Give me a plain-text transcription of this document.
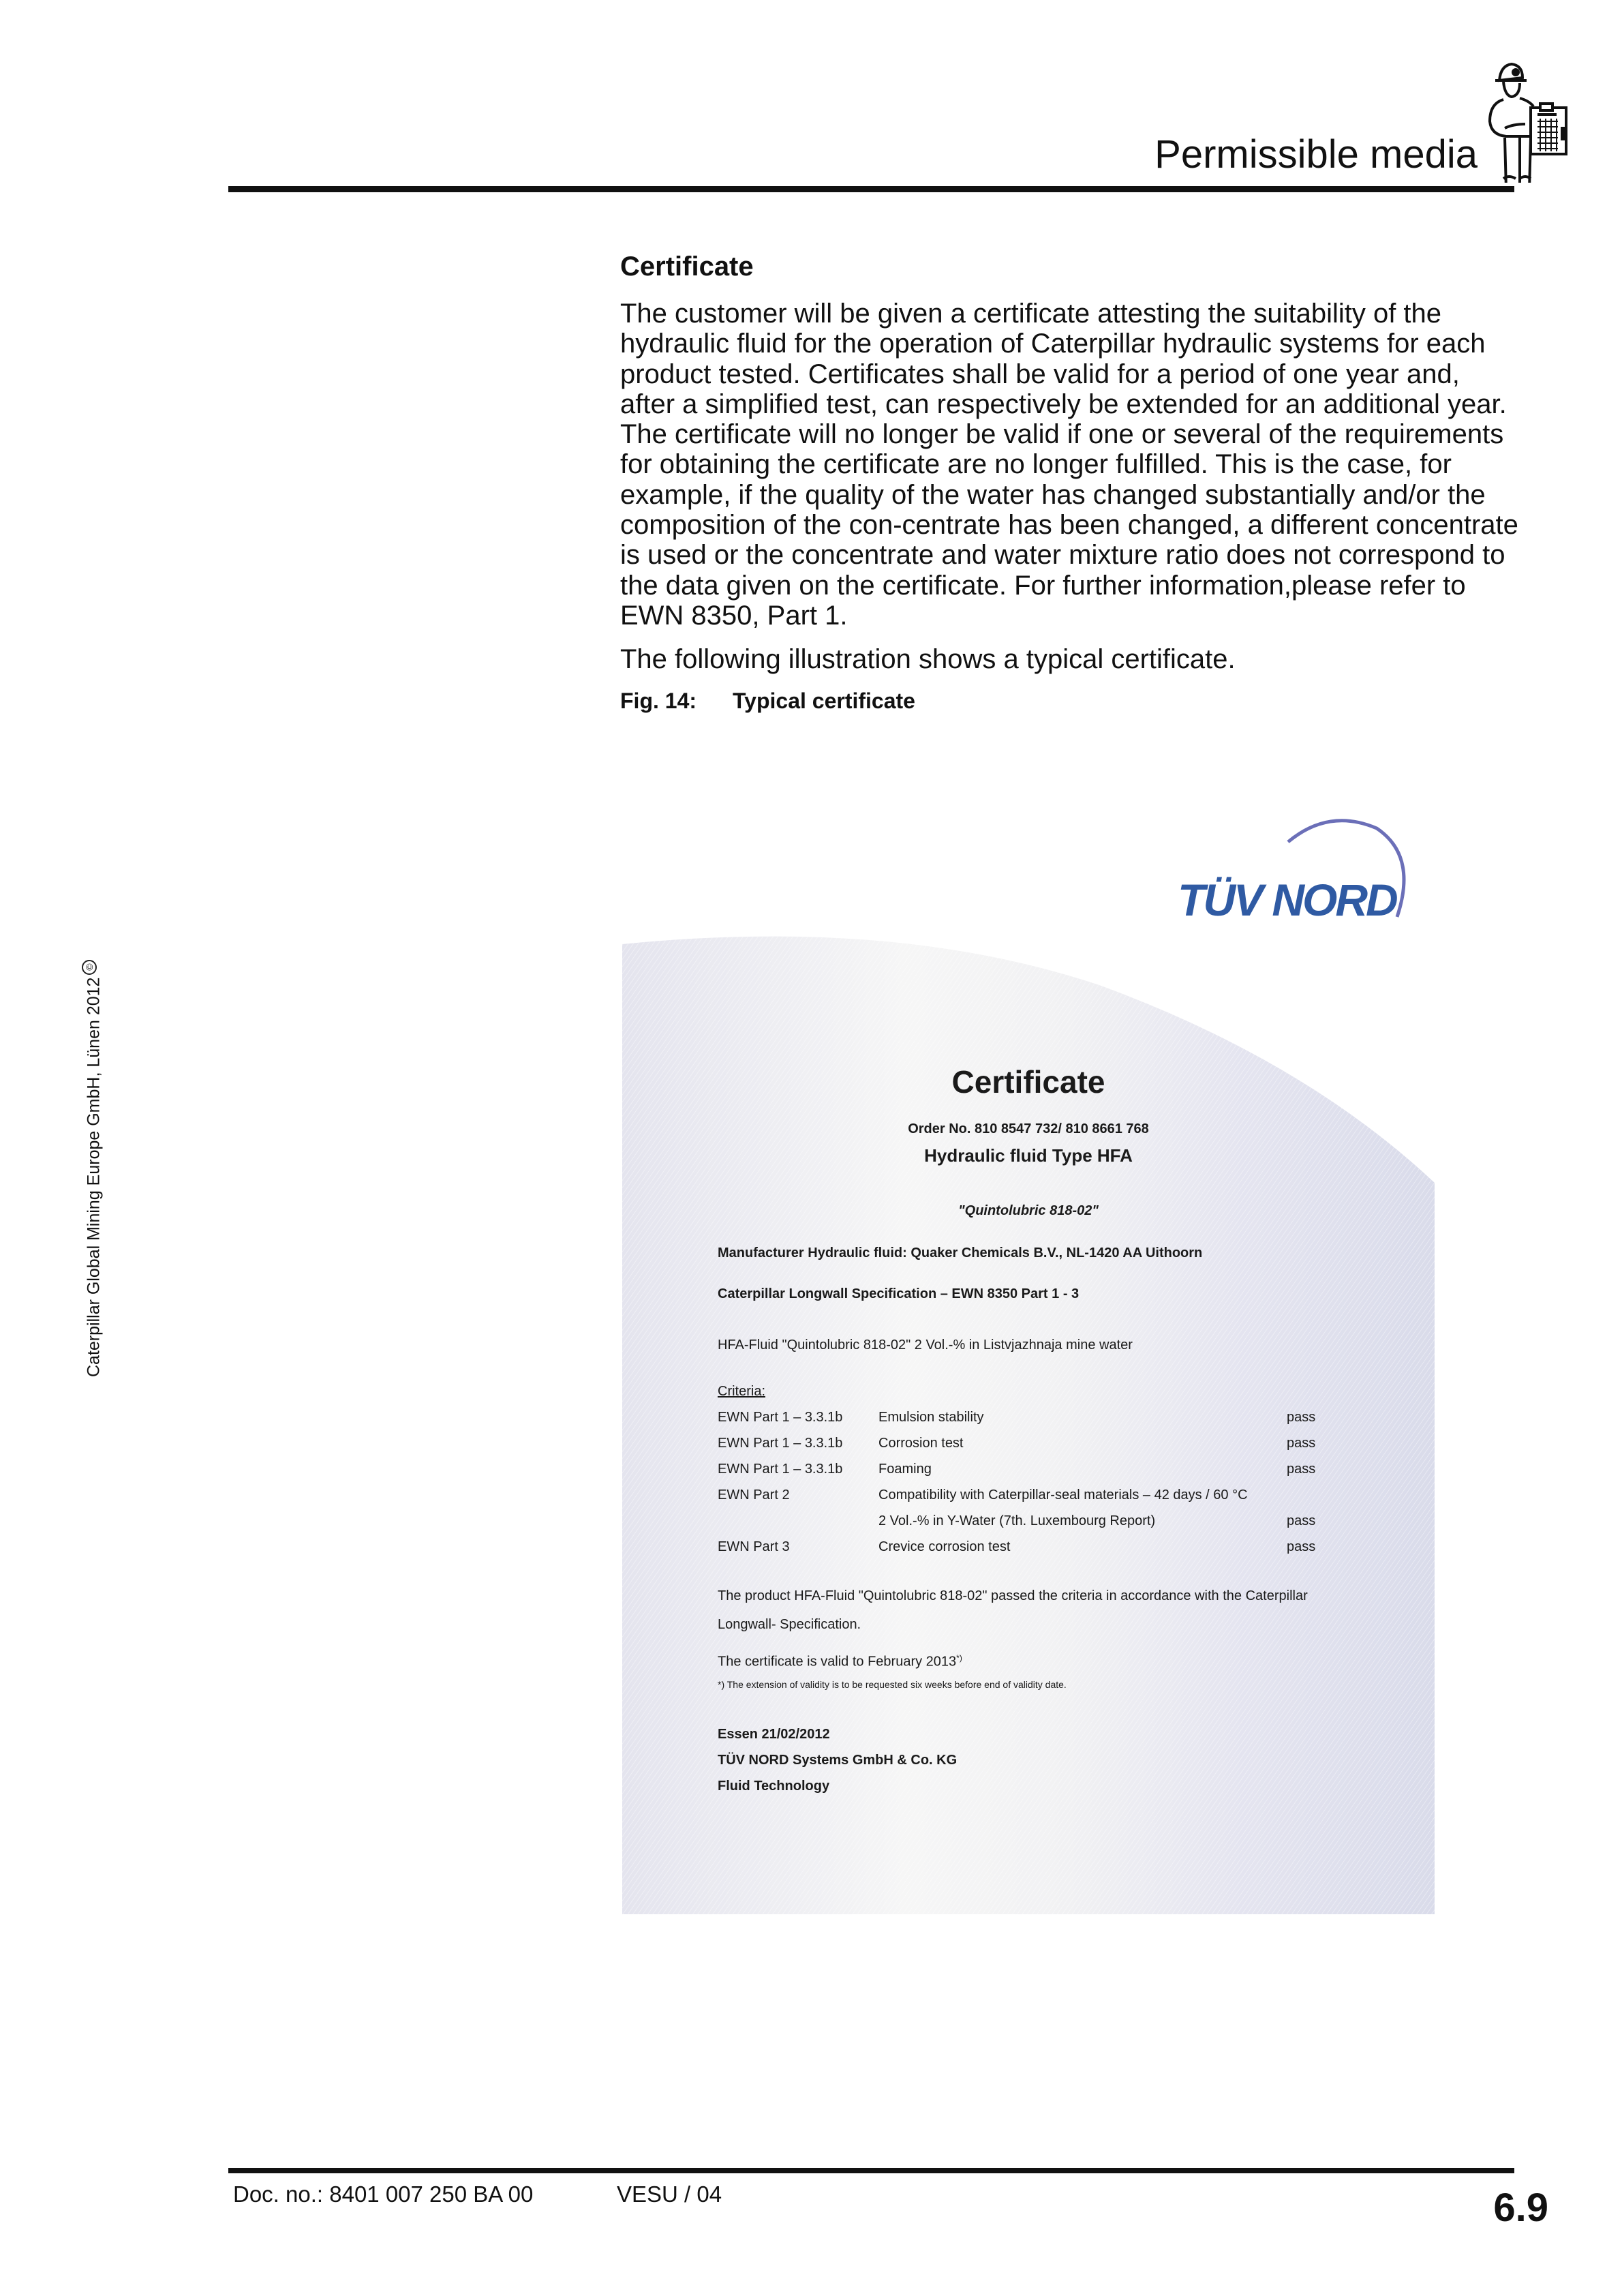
Permissible media
Caterpillar Global Mining Europe GmbH, Lünen 2012©
Certificate

The customer will be given a certificate attesting the suitability of the hydraulic fluid for the operation of Caterpillar hydraulic systems for each product tested. Certificates shall be valid for a period of one year and, after a simplified test, can respectively be extended for an additional year. The certificate will no longer be valid if one or several of the requirements for obtaining the certificate are no longer fulfilled. This is the case, for example, if the quality of the water has changed substantially and/or the composition of the con-centrate has been changed, a different concentrate is used or the concentrate and water mixture ratio does not correspond to the data given on the certificate. For further information,please refer to EWN 8350, Part 1.

The following illustration shows a typical certificate.

Fig. 14: Typical certificate
TÜV NORD
Certificate
Order No. 810 8547 732/ 810 8661 768
Hydraulic fluid Type HFA
"Quintolubric 818-02"
Manufacturer Hydraulic fluid: Quaker Chemicals B.V., NL-1420 AA Uithoorn
Caterpillar Longwall Specification – EWN 8350 Part 1 - 3
HFA-Fluid "Quintolubric 818-02" 2 Vol.-% in Listvjazhnaja mine water
Criteria:
EWN Part 1 – 3.3.1b	Emulsion stability	pass
EWN Part 1 – 3.3.1b	Corrosion test	pass
EWN Part 1 – 3.3.1b	Foaming	pass
EWN Part 2	Compatibility with Caterpillar-seal materials – 42 days / 60 °C
2 Vol.-% in Y-Water (7th. Luxembourg Report)	pass
EWN Part 3	Crevice corrosion test	pass
The product HFA-Fluid "Quintolubric 818-02" passed the criteria in accordance with the Caterpillar Longwall- Specification.
The certificate is valid to February 2013*)
*) The extension of validity is to be requested six weeks before end of validity date.
Essen 21/02/2012
TÜV NORD Systems GmbH & Co. KG
Fluid Technology
Doc. no.: 8401 007 250 BA 00	VESU / 04	6.9
